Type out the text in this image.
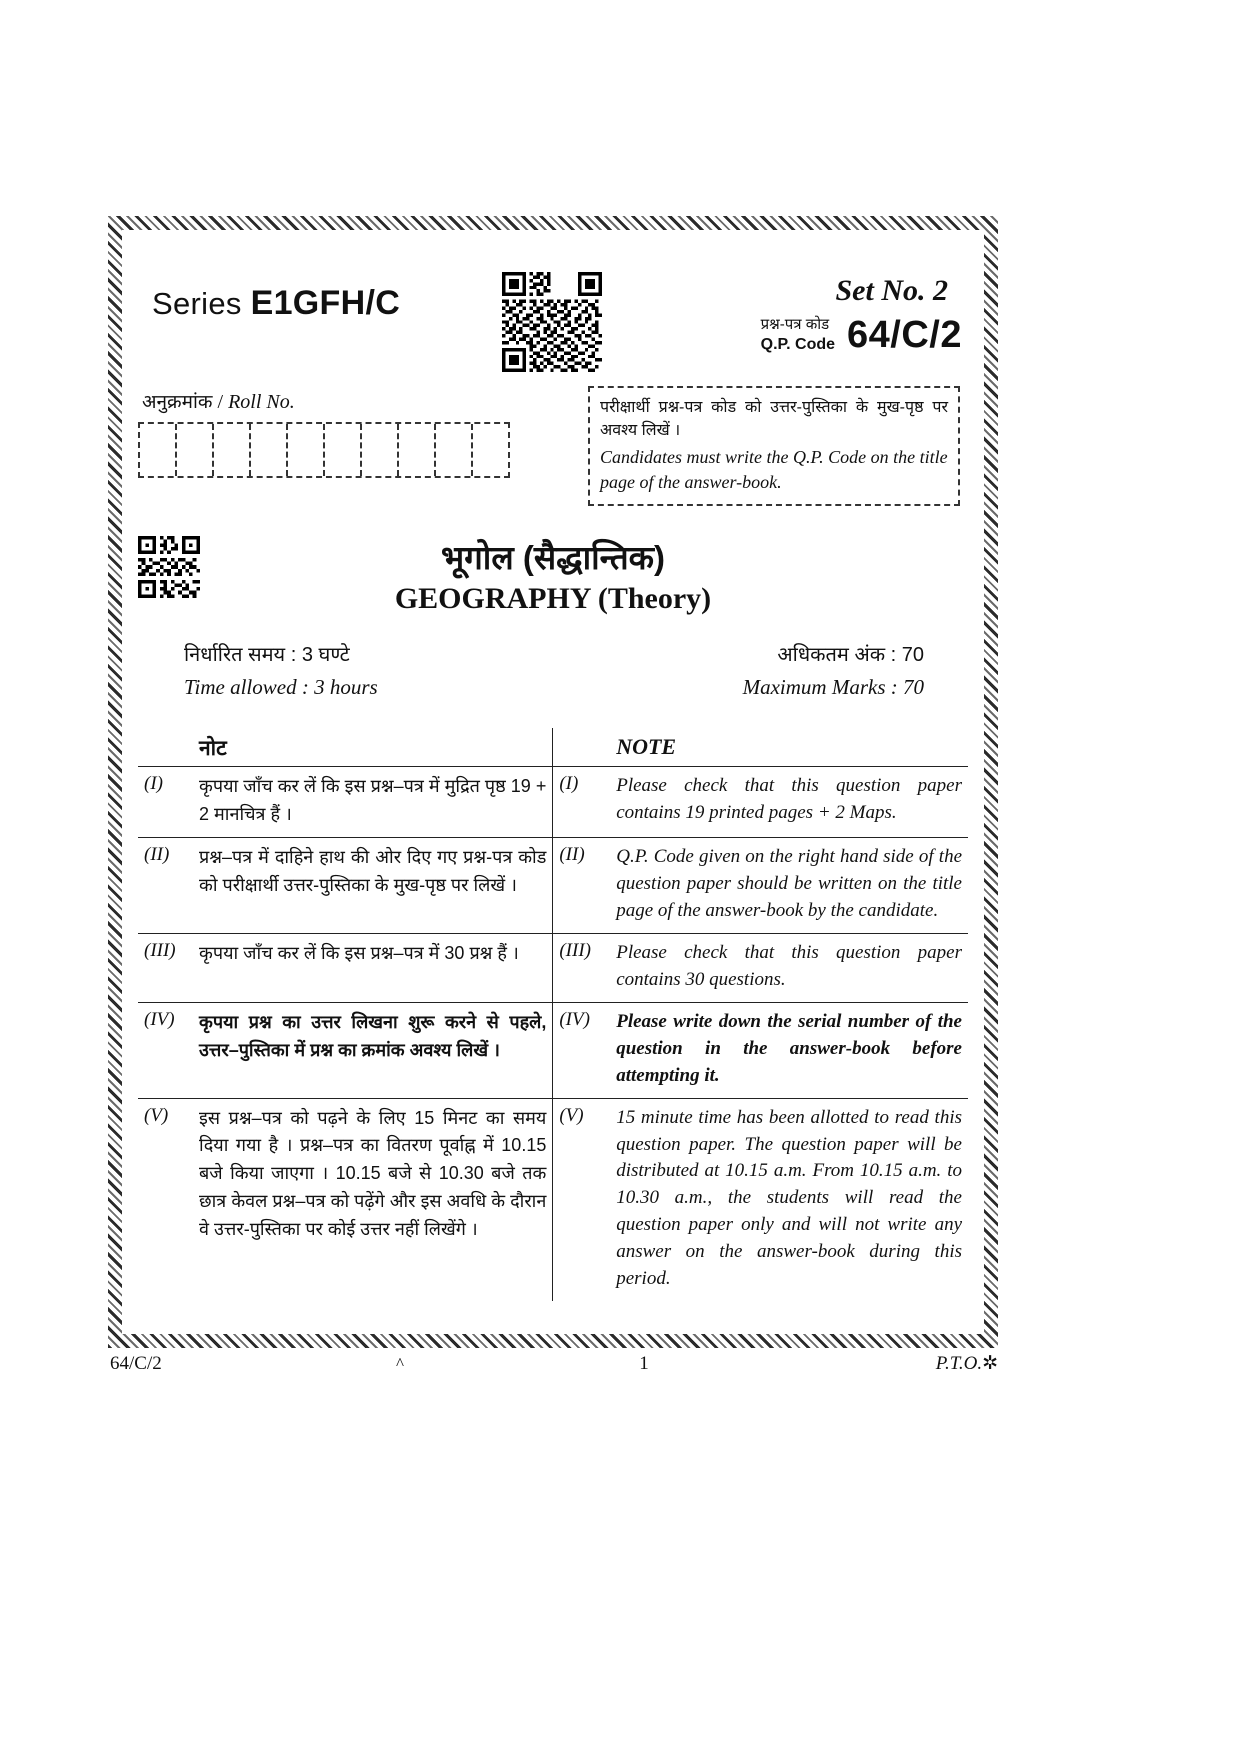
Series E1GFH/C	Set No. 2
प्रश्न-पत्र कोड
Q.P. Code 64/C/2
अनुक्रमांक / Roll No.	परीक्षार्थी प्रश्न-पत्र कोड को उत्तर-पुस्तिका के मुख-पृष्ठ पर अवश्य लिखें ।
Candidates must write the Q.P. Code on the title page of the answer-book.
भूगोल (सैद्धान्तिक)
GEOGRAPHY (Theory)
निर्धारित समय : 3 घण्टे	अधिकतम अंक : 70
Time allowed : 3 hours	Maximum Marks : 70
	नोट		NOTE
(I)	कृपया जाँच कर लें कि इस प्रश्न–पत्र में मुद्रित पृष्ठ 19 + 2 मानचित्र हैं ।	(I)	Please check that this question paper contains 19 printed pages + 2 Maps.
(II)	प्रश्न–पत्र में दाहिने हाथ की ओर दिए गए प्रश्न-पत्र कोड को परीक्षार्थी उत्तर-पुस्तिका के मुख-पृष्ठ पर लिखें ।	(II)	Q.P. Code given on the right hand side of the question paper should be written on the title page of the answer-book by the candidate.
(III)	कृपया जाँच कर लें कि इस प्रश्न–पत्र में 30 प्रश्न हैं ।	(III)	Please check that this question paper contains 30 questions.
(IV)	कृपया प्रश्न का उत्तर लिखना शुरू करने से पहले, उत्तर–पुस्तिका में प्रश्न का क्रमांक अवश्य लिखें ।	(IV)	Please write down the serial number of the question in the answer-book before attempting it.
(V)	इस प्रश्न–पत्र को पढ़ने के लिए 15 मिनट का समय दिया गया है । प्रश्न–पत्र का वितरण पूर्वाह्न में 10.15 बजे किया जाएगा । 10.15 बजे से 10.30 बजे तक छात्र केवल प्रश्न–पत्र को पढ़ेंगे और इस अवधि के दौरान वे उत्तर-पुस्तिका पर कोई उत्तर नहीं लिखेंगे ।	(V)	15 minute time has been allotted to read this question paper. The question paper will be distributed at 10.15 a.m. From 10.15 a.m. to 10.30 a.m., the students will read the question paper only and will not write any answer on the answer-book during this period.
64/C/2	^	1	P.T.O.✲
